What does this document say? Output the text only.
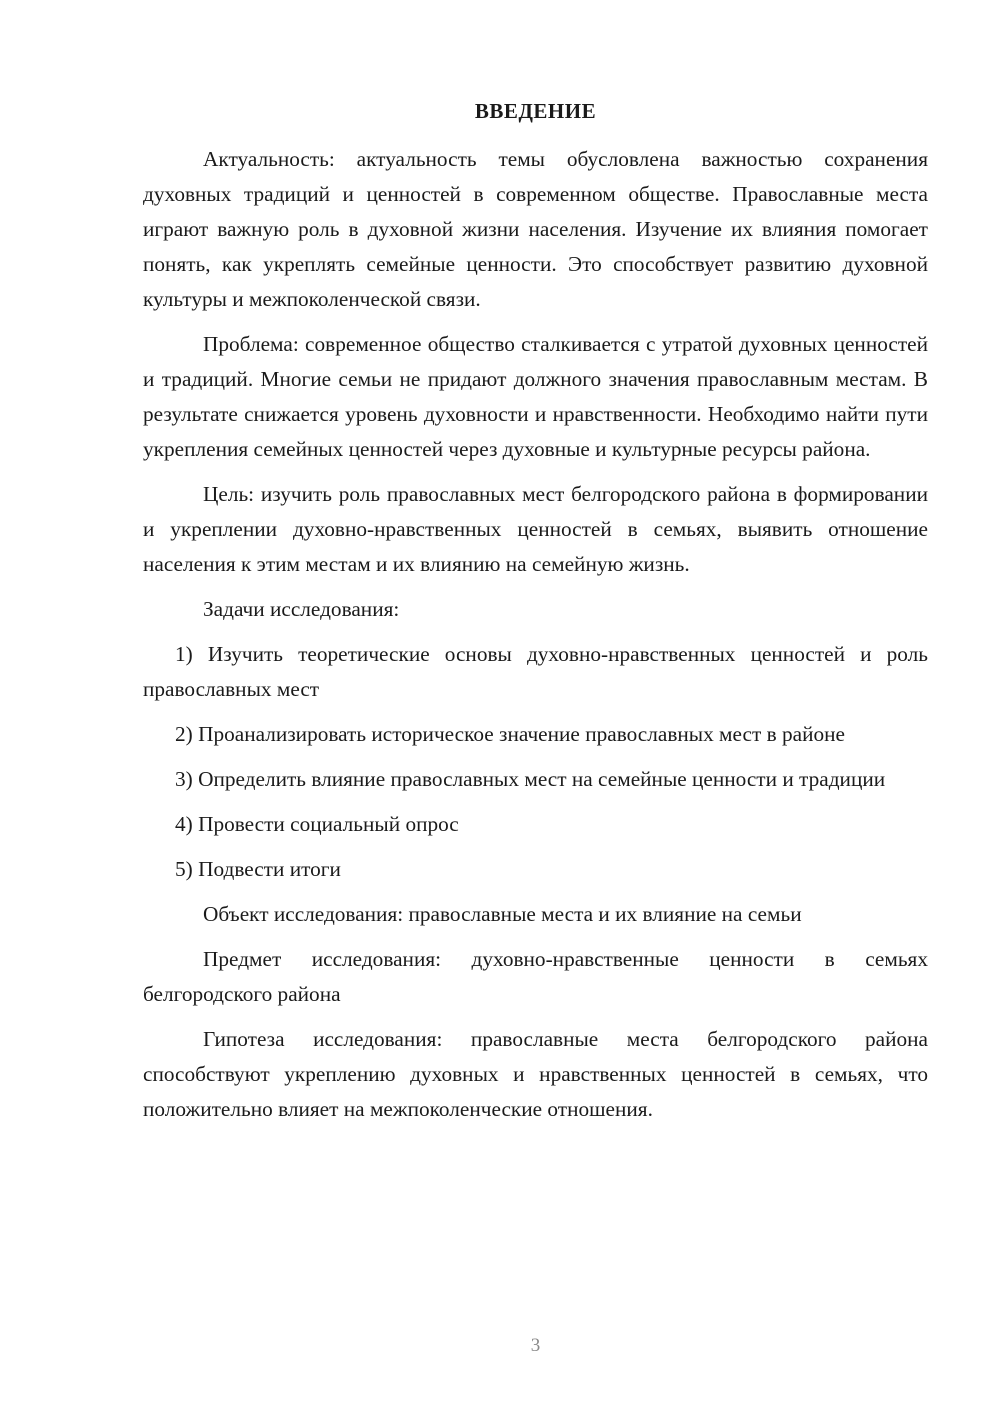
ВВЕДЕНИЕ

Актуальность: актуальность темы обусловлена важностью сохранения духовных традиций и ценностей в современном обществе. Православные места играют важную роль в духовной жизни населения. Изучение их влияния помогает понять, как укреплять семейные ценности. Это способствует развитию духовной культуры и межпоколенческой связи.

Проблема: современное общество сталкивается с утратой духовных ценностей и традиций. Многие семьи не придают должного значения православным местам. В результате снижается уровень духовности и нравственности. Необходимо найти пути укрепления семейных ценностей через духовные и культурные ресурсы района.

Цель: изучить роль православных мест белгородского района в формировании и укреплении духовно-нравственных ценностей в семьях, выявить отношение населения к этим местам и их влиянию на семейную жизнь.

Задачи исследования:

1) Изучить теоретические основы духовно-нравственных ценностей и роль православных мест

2) Проанализировать историческое значение православных мест в районе

3) Определить влияние православных мест на семейные ценности и традиции

4) Провести социальный опрос

5) Подвести итоги

Объект исследования: православные места и их влияние на семьи

Предмет исследования: духовно-нравственные ценности в семьях белгородского района

Гипотеза исследования: православные места белгородского района способствуют укреплению духовных и нравственных ценностей в семьях, что положительно влияет на межпоколенческие отношения.

3
